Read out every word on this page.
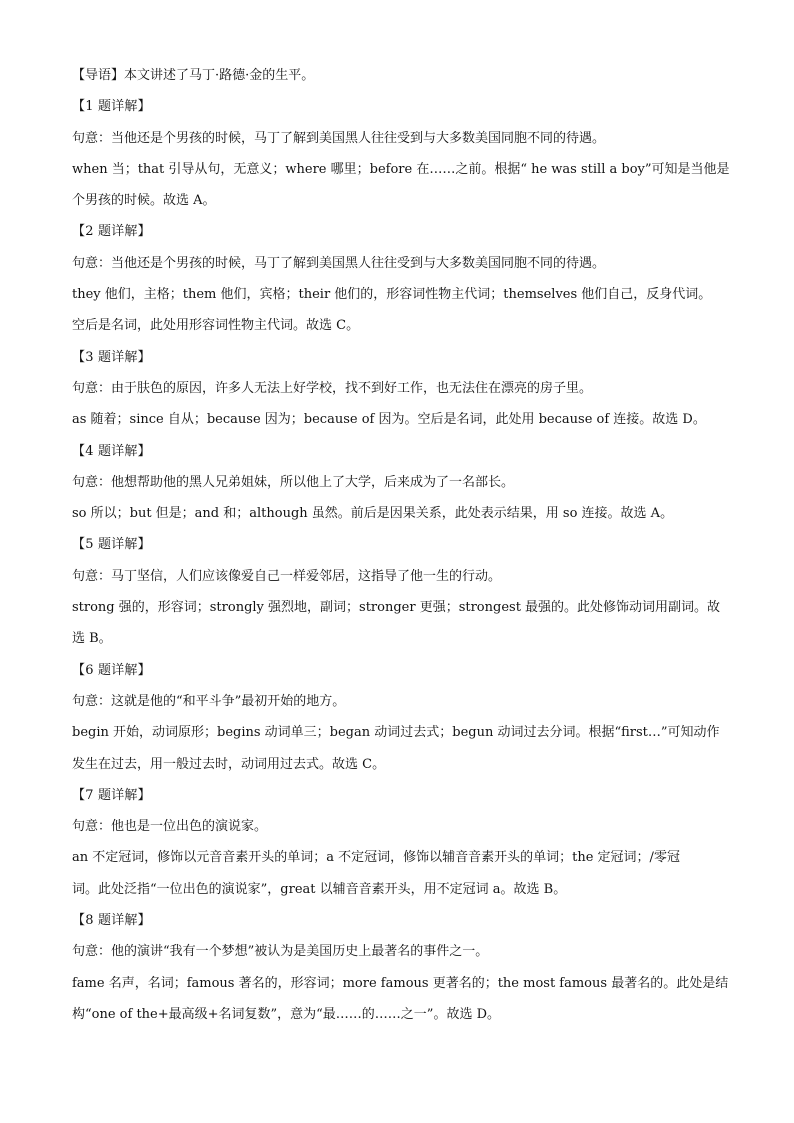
【导语】本文讲述了马丁·路德·金的生平。

【1 题详解】

句意：当他还是个男孩的时候，马丁了解到美国黑人往往受到与大多数美国同胞不同的待遇。

when 当；that 引导从句，无意义；where 哪里；before 在……之前。根据“ he was still a boy”可知是当他是

个男孩的时候。故选 A。

【2 题详解】

句意：当他还是个男孩的时候，马丁了解到美国黑人往往受到与大多数美国同胞不同的待遇。

they 他们，主格；them 他们，宾格；their 他们的，形容词性物主代词；themselves 他们自己，反身代词。

空后是名词，此处用形容词性物主代词。故选 C。

【3 题详解】

句意：由于肤色的原因，许多人无法上好学校，找不到好工作，也无法住在漂亮的房子里。

as 随着；since 自从；because 因为；because of 因为。空后是名词，此处用 because of 连接。故选 D。

【4 题详解】

句意：他想帮助他的黑人兄弟姐妹，所以他上了大学，后来成为了一名部长。

so 所以；but 但是；and 和；although 虽然。前后是因果关系，此处表示结果，用 so 连接。故选 A。

【5 题详解】

句意：马丁坚信，人们应该像爱自己一样爱邻居，这指导了他一生的行动。

strong 强的，形容词；strongly 强烈地，副词；stronger 更强；strongest 最强的。此处修饰动词用副词。故

选 B。

【6 题详解】

句意：这就是他的“和平斗争”最初开始的地方。

begin 开始，动词原形；begins 动词单三；began 动词过去式；begun 动词过去分词。根据“first…”可知动作

发生在过去，用一般过去时，动词用过去式。故选 C。

【7 题详解】

句意：他也是一位出色的演说家。

an 不定冠词，修饰以元音音素开头的单词；a 不定冠词，修饰以辅音音素开头的单词；the 定冠词；/零冠

词。此处泛指“一位出色的演说家”，great 以辅音音素开头，用不定冠词 a。故选 B。

【8 题详解】

句意：他的演讲“我有一个梦想”被认为是美国历史上最著名的事件之一。

fame 名声，名词；famous 著名的，形容词；more famous 更著名的；the most famous 最著名的。此处是结

构“one of the+最高级+名词复数”，意为“最……的……之一”。故选 D。
